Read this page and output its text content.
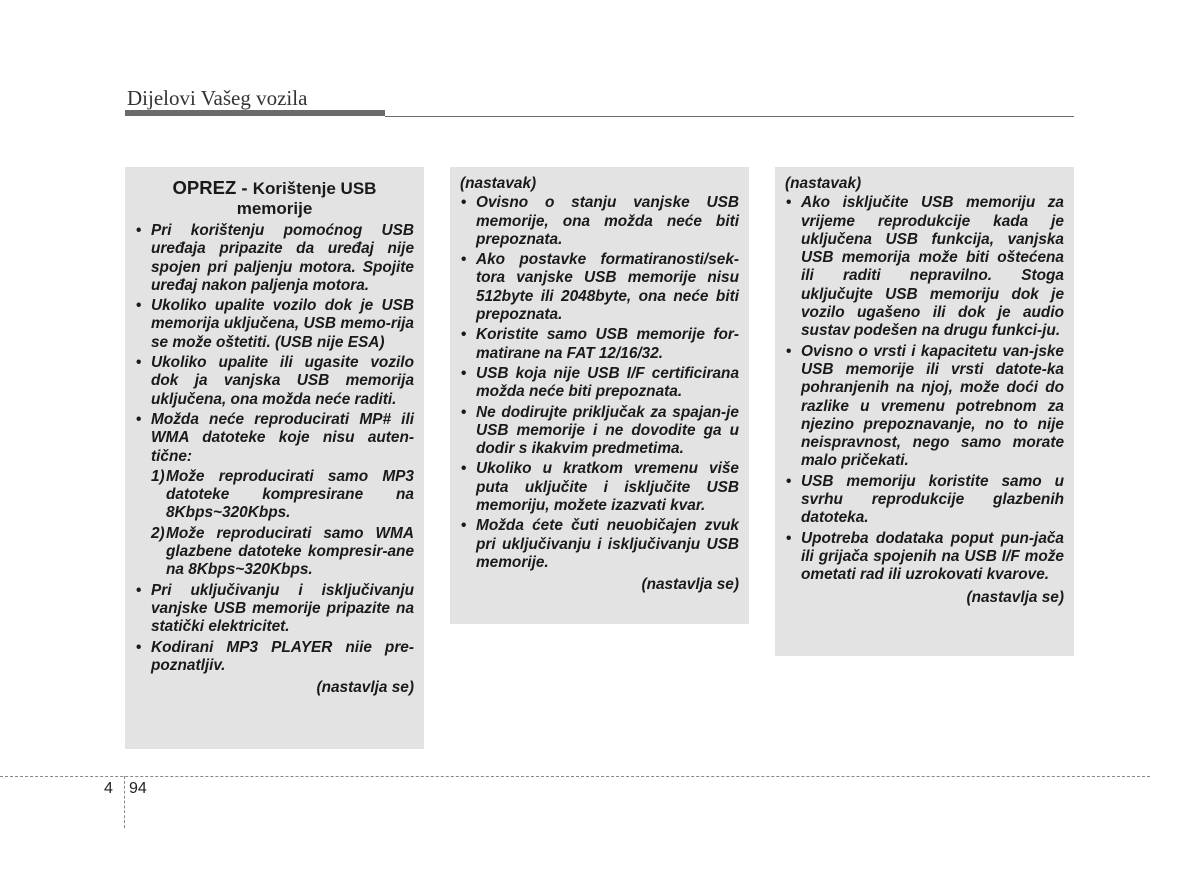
Dijelovi Vašeg vozila
OPREZ - Korištenje USB memorije
• Pri korištenju pomoćnog USB uređaja pripazite da uređaj nije spojen pri paljenju motora. Spojite uređaj nakon paljenja motora.
• Ukoliko upalite vozilo dok je USB memorija uključena, USB memo-rija se može oštetiti. (USB nije ESA)
• Ukoliko upalite ili ugasite vozilo dok ja vanjska USB memorija uključena, ona možda neće raditi.
• Možda neće reproducirati MP# ili WMA datoteke koje nisu auten-tične:
1) Može reproducirati samo MP3 datoteke kompresirane na 8Kbps~320Kbps.
2) Može reproducirati samo WMA glazbene datoteke kompresir-ane na 8Kbps~320Kbps.
• Pri uključivanju i isključivanju vanjske USB memorije pripazite na statički elektricitet.
• Kodirani MP3 PLAYER niie pre-poznatljiv.
(nastavlja se)
(nastavak)
• Ovisno o stanju vanjske USB memorije, ona možda neće biti prepoznata.
• Ako postavke formatiranosti/sek-tora vanjske USB memorije nisu 512byte ili 2048byte, ona neće biti prepoznata.
• Koristite samo USB memorije for-matirane na FAT 12/16/32.
• USB koja nije USB I/F certificirana možda neće biti prepoznata.
• Ne dodirujte priključak za spajan-je USB memorije i ne dovodite ga u dodir s ikakvim predmetima.
• Ukoliko u kratkom vremenu više puta uključite i isključite USB memoriju, možete izazvati kvar.
• Možda ćete čuti neuobičajen zvuk pri uključivanju i isključivanju USB memorije.
(nastavlja se)
(nastavak)
• Ako isključite USB memoriju za vrijeme reprodukcije kada je uključena USB funkcija, vanjska USB memorija može biti oštećena ili raditi nepravilno. Stoga uključujte USB memoriju dok je vozilo ugašeno ili dok je audio sustav podešen na drugu funkci-ju.
• Ovisno o vrsti i kapacitetu van-jske USB memorije ili vrsti datote-ka pohranjenih na njoj, može doći do razlike u vremenu potrebnom za njezino prepoznavanje, no to nije neispravnost, nego samo morate malo pričekati.
• USB memoriju koristite samo u svrhu reprodukcije glazbenih datoteka.
• Upotreba dodataka poput pun-jača ili grijača spojenih na USB I/F može ometati rad ili uzrokovati kvarove.
(nastavlja se)
4 94
